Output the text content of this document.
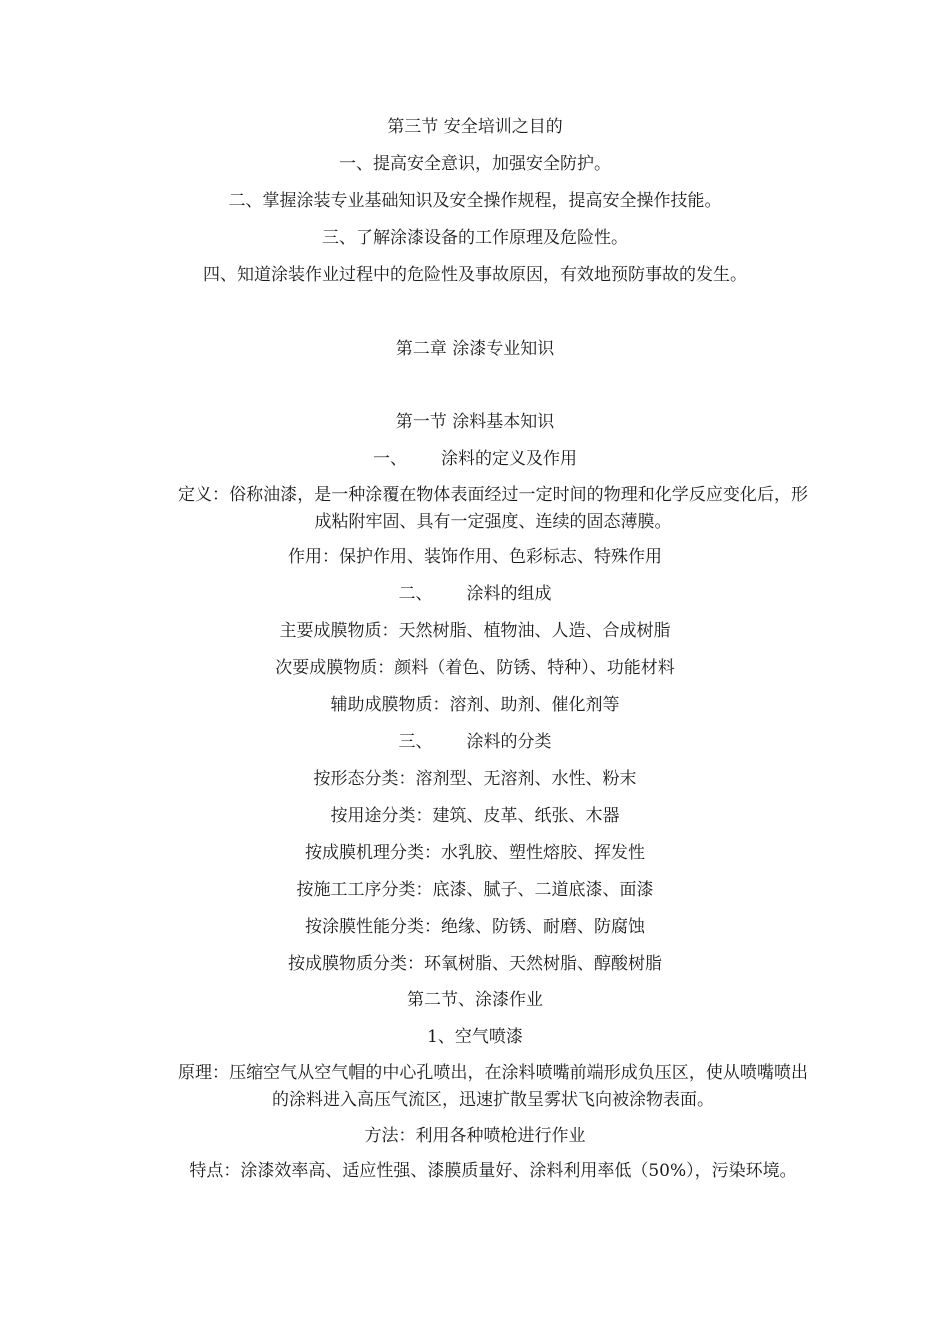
第三节 安全培训之目的
一、提高安全意识，加强安全防护。
二、掌握涂装专业基础知识及安全操作规程，提高安全操作技能。
三、了解涂漆设备的工作原理及危险性。
四、知道涂装作业过程中的危险性及事故原因，有效地预防事故的发生。
第二章 涂漆专业知识
第一节 涂料基本知识
一、 涂料的定义及作用
定义：俗称油漆，是一种涂覆在物体表面经过一定时间的物理和化学反应变化后，形成粘附牢固、具有一定强度、连续的固态薄膜。
作用：保护作用、装饰作用、色彩标志、特殊作用
二、 涂料的组成
主要成膜物质：天然树脂、植物油、人造、合成树脂
次要成膜物质：颜料（着色、防锈、特种）、功能材料
辅助成膜物质：溶剂、助剂、催化剂等
三、 涂料的分类
按形态分类：溶剂型、无溶剂、水性、粉末
按用途分类：建筑、皮革、纸张、木器
按成膜机理分类：水乳胶、塑性熔胶、挥发性
按施工工序分类：底漆、腻子、二道底漆、面漆
按涂膜性能分类：绝缘、防锈、耐磨、防腐蚀
按成膜物质分类：环氧树脂、天然树脂、醇酸树脂
第二节、涂漆作业
1、空气喷漆
原理：压缩空气从空气帽的中心孔喷出，在涂料喷嘴前端形成负压区，使从喷嘴喷出的涂料进入高压气流区，迅速扩散呈雾状飞向被涂物表面。
方法：利用各种喷枪进行作业
特点：涂漆效率高、适应性强、漆膜质量好、涂料利用率低（50%），污染环境。
